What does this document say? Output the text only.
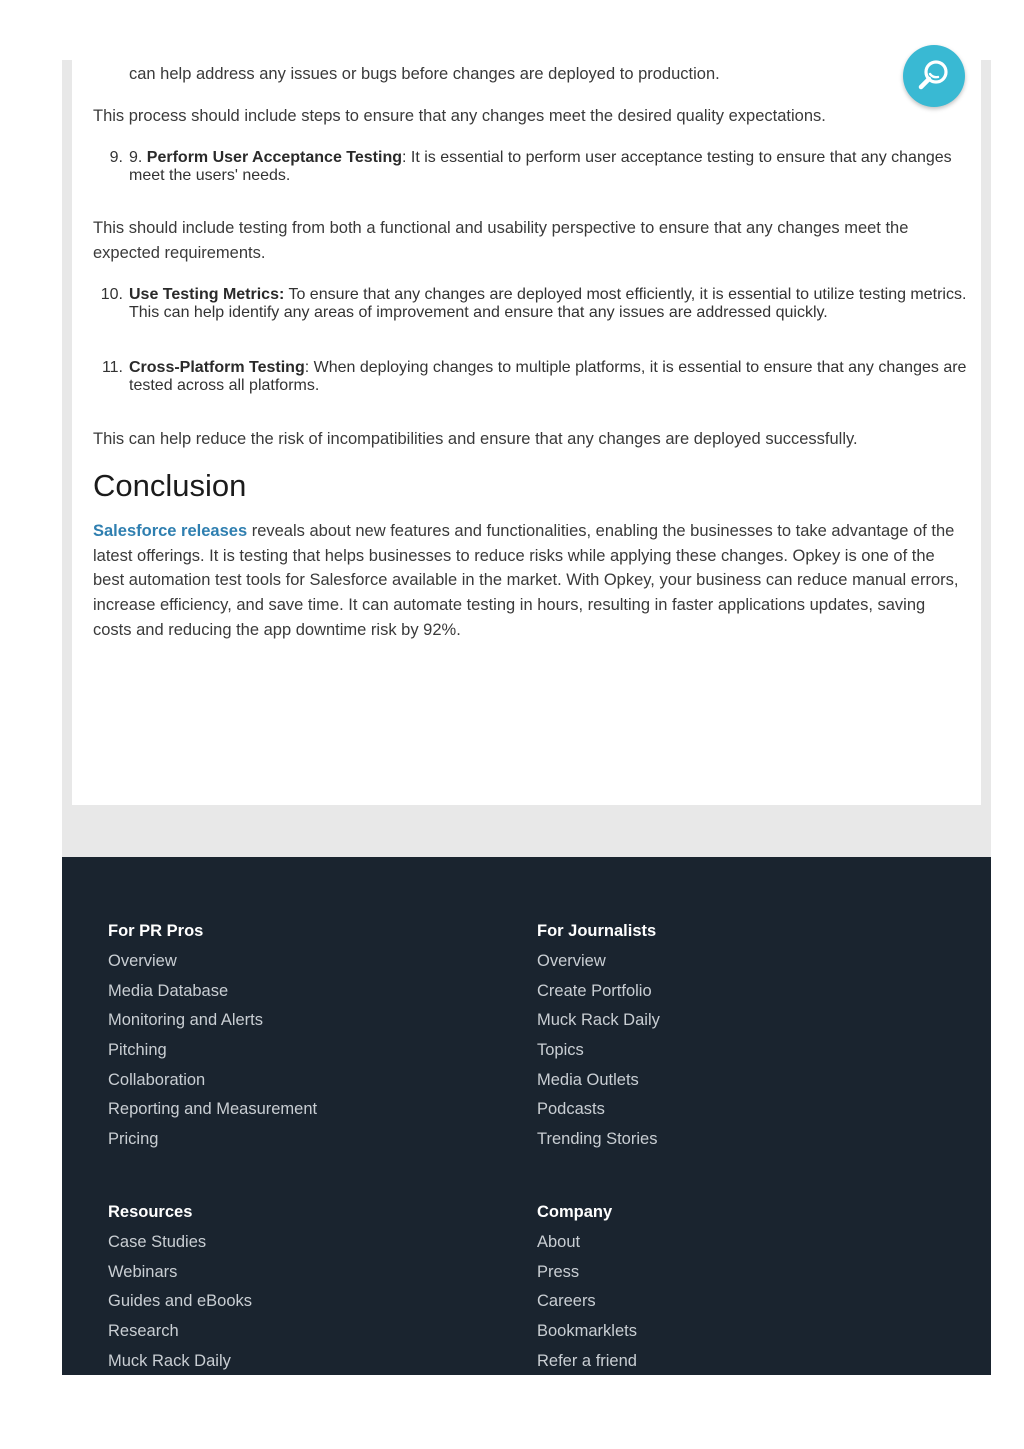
can help address any issues or bugs before changes are deployed to production.

This process should include steps to ensure that any changes meet the desired quality expectations.

9. 9. Perform User Acceptance Testing: It is essential to perform user acceptance testing to ensure that any changes meet the users' needs.

This should include testing from both a functional and usability perspective to ensure that any changes meet the expected requirements.

10. Use Testing Metrics: To ensure that any changes are deployed most efficiently, it is essential to utilize testing metrics. This can help identify any areas of improvement and ensure that any issues are addressed quickly.
11. Cross-Platform Testing: When deploying changes to multiple platforms, it is essential to ensure that any changes are tested across all platforms.

This can help reduce the risk of incompatibilities and ensure that any changes are deployed successfully.

Conclusion

Salesforce releases reveals about new features and functionalities, enabling the businesses to take advantage of the latest offerings. It is testing that helps businesses to reduce risks while applying these changes. Opkey is one of the best automation test tools for Salesforce available in the market. With Opkey, your business can reduce manual errors, increase efficiency, and save time. It can automate testing in hours, resulting in faster applications updates, saving costs and reducing the app downtime risk by 92%.

For PR Pros
Overview
Media Database
Monitoring and Alerts
Pitching
Collaboration
Reporting and Measurement
Pricing
For Journalists
Overview
Create Portfolio
Muck Rack Daily
Topics
Media Outlets
Podcasts
Trending Stories
Resources
Case Studies
Webinars
Guides and eBooks
Research
Muck Rack Daily
Company
About
Press
Careers
Bookmarklets
Refer a friend
